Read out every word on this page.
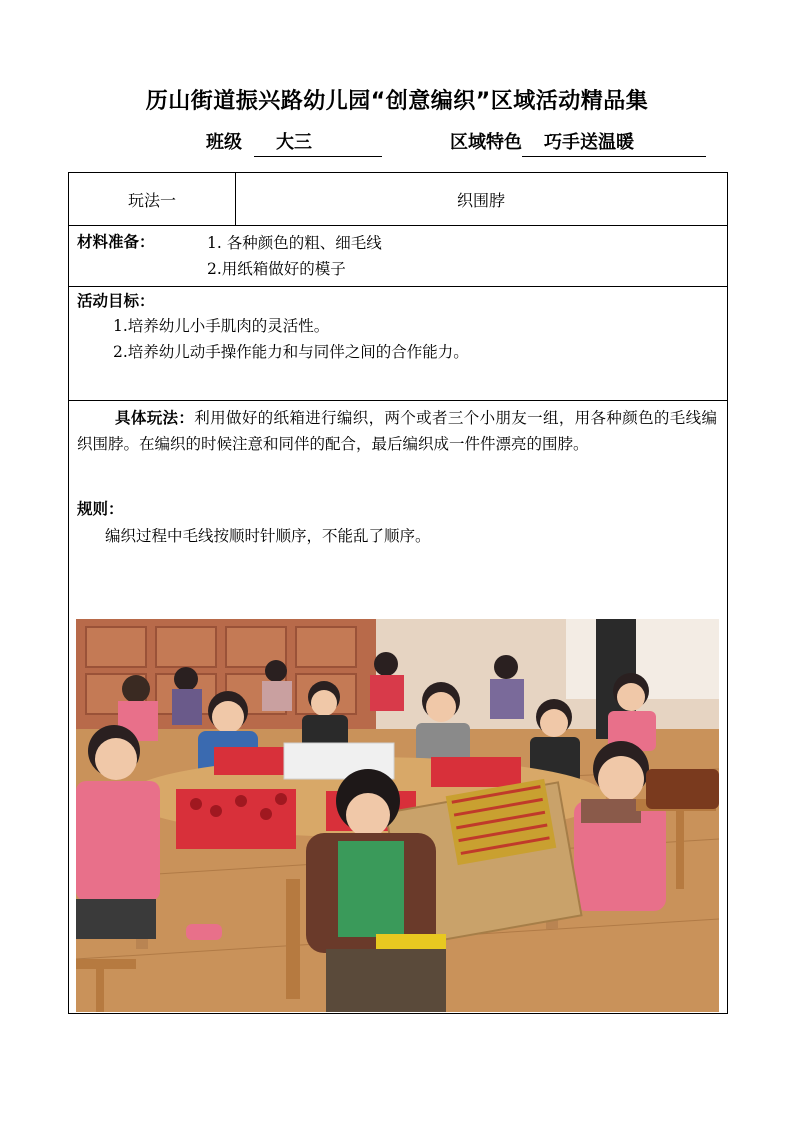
历山街道振兴路幼儿园“创意编织”区域活动精品集
班级 大三	区域特色 巧手送温暖
玩法一	织围脖
材料准备：	1. 各种颜色的粗、细毛线
2.用纸箱做好的模子
活动目标：
1.培养幼儿小手肌肉的灵活性。
2.培养幼儿动手操作能力和与同伴之间的合作能力。
具体玩法：利用做好的纸箱进行编织，两个或者三个小朋友一组，用各种颜色的毛线编织围脖。在编织的时候注意和同伴的配合，最后编织成一件件漂亮的围脖。
规则：
编织过程中毛线按顺时针顺序，不能乱了顺序。
